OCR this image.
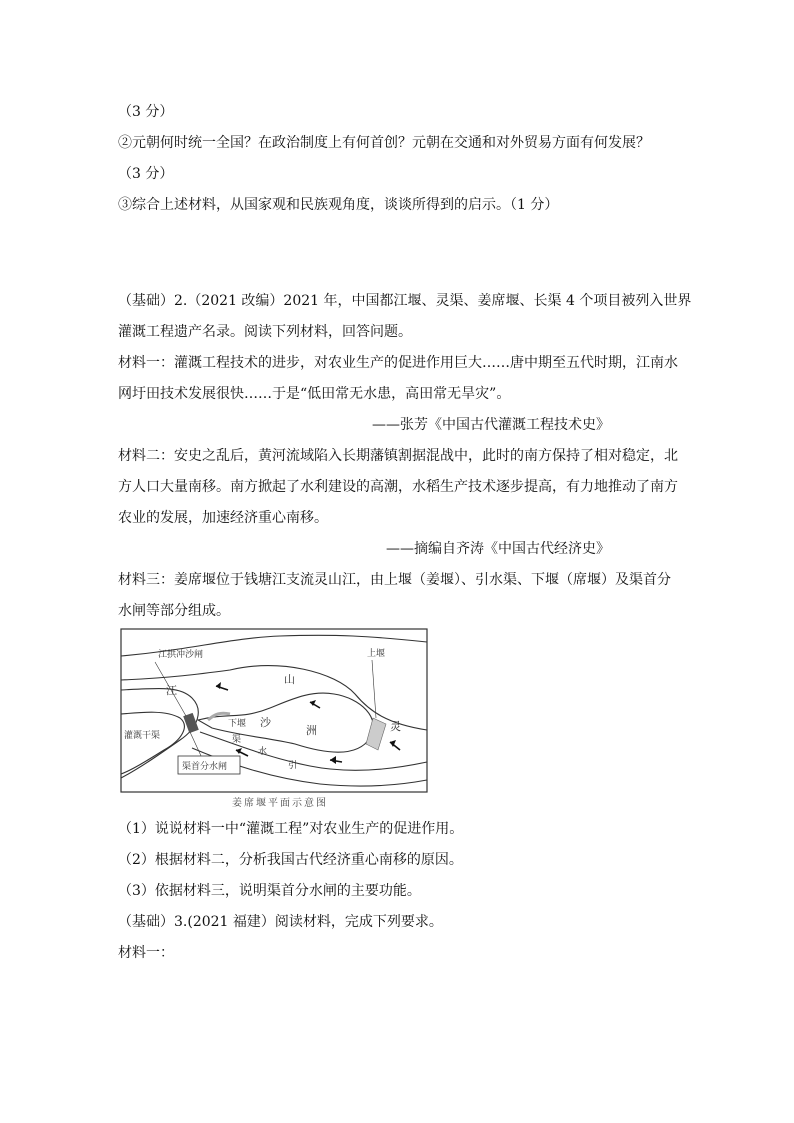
（3 分）
②元朝何时统一全国？在政治制度上有何首创？元朝在交通和对外贸易方面有何发展？
（3 分）
③综合上述材料，从国家观和民族观角度，谈谈所得到的启示。（1 分）
（基础）2.（2021 改编）2021 年，中国都江堰、灵渠、姜席堰、长渠 4 个项目被列入世界
灌溉工程遗产名录。阅读下列材料，回答问题。
材料一：灌溉工程技术的进步，对农业生产的促进作用巨大……唐中期至五代时期，江南水
网圩田技术发展很快……于是“低田常无水患，高田常无旱灾”。
——张芳《中国古代灌溉工程技术史》
材料二：安史之乱后，黄河流域陷入长期藩镇割据混战中，此时的南方保持了相对稳定，北
方人口大量南移。南方掀起了水利建设的高潮，水稻生产技术逐步提高，有力地推动了南方
农业的发展，加速经济重心南移。
——摘编自齐涛《中国古代经济史》
材料三：姜席堰位于钱塘江支流灵山江，由上堰（姜堰）、引水渠、下堰（席堰）及渠首分
水闸等部分组成。
江拱冲沙闸
江
山
上堰
下堰 沙
洲	灵
渠
水
引
灌溉干渠
渠首分水闸
姜席堰平面示意图
（1）说说材料一中“灌溉工程”对农业生产的促进作用。
（2）根据材料二，分析我国古代经济重心南移的原因。
（3）依据材料三，说明渠首分水闸的主要功能。
（基础）3.(2021 福建）阅读材料，完成下列要求。
材料一：
